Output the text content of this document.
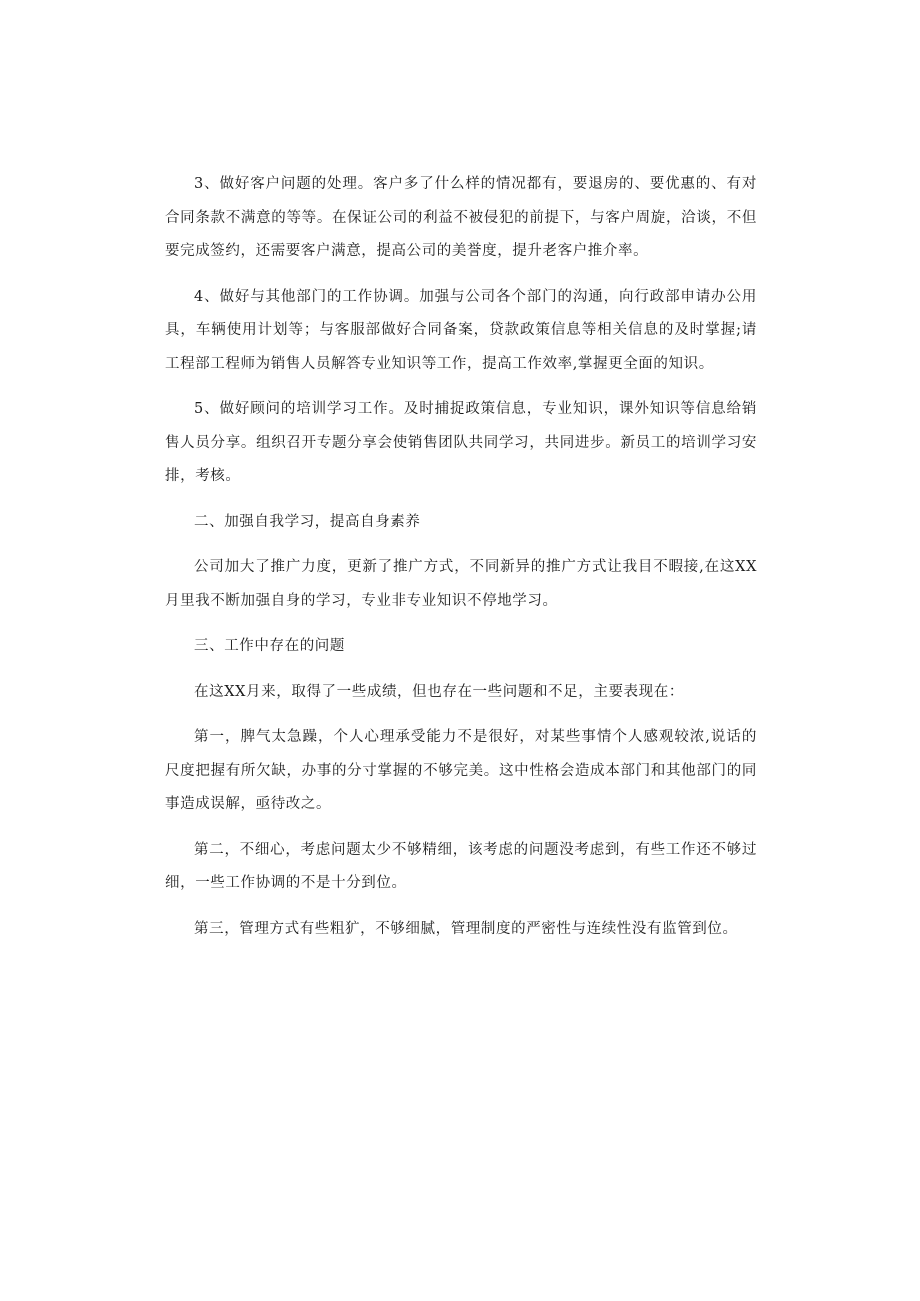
3、做好客户问题的处理。客户多了什么样的情况都有，要退房的、要优惠的、有对合同条款不满意的等等。在保证公司的利益不被侵犯的前提下，与客户周旋，洽谈，不但要完成签约，还需要客户满意，提高公司的美誉度，提升老客户推介率。

4、做好与其他部门的工作协调。加强与公司各个部门的沟通，向行政部申请办公用具，车辆使用计划等；与客服部做好合同备案，贷款政策信息等相关信息的及时掌握;请工程部工程师为销售人员解答专业知识等工作，提高工作效率,掌握更全面的知识。

5、做好顾问的培训学习工作。及时捕捉政策信息，专业知识，课外知识等信息给销售人员分享。组织召开专题分享会使销售团队共同学习，共同进步。新员工的培训学习安排，考核。

二、加强自我学习，提高自身素养

公司加大了推广力度，更新了推广方式，不同新异的推广方式让我目不暇接,在这XX月里我不断加强自身的学习，专业非专业知识不停地学习。

三、工作中存在的问题

在这XX月来，取得了一些成绩，但也存在一些问题和不足，主要表现在：

第一，脾气太急躁，个人心理承受能力不是很好，对某些事情个人感观较浓,说话的尺度把握有所欠缺，办事的分寸掌握的不够完美。这中性格会造成本部门和其他部门的同事造成误解，亟待改之。

第二，不细心，考虑问题太少不够精细，该考虑的问题没考虑到，有些工作还不够过细，一些工作协调的不是十分到位。

第三，管理方式有些粗犷，不够细腻，管理制度的严密性与连续性没有监管到位。
